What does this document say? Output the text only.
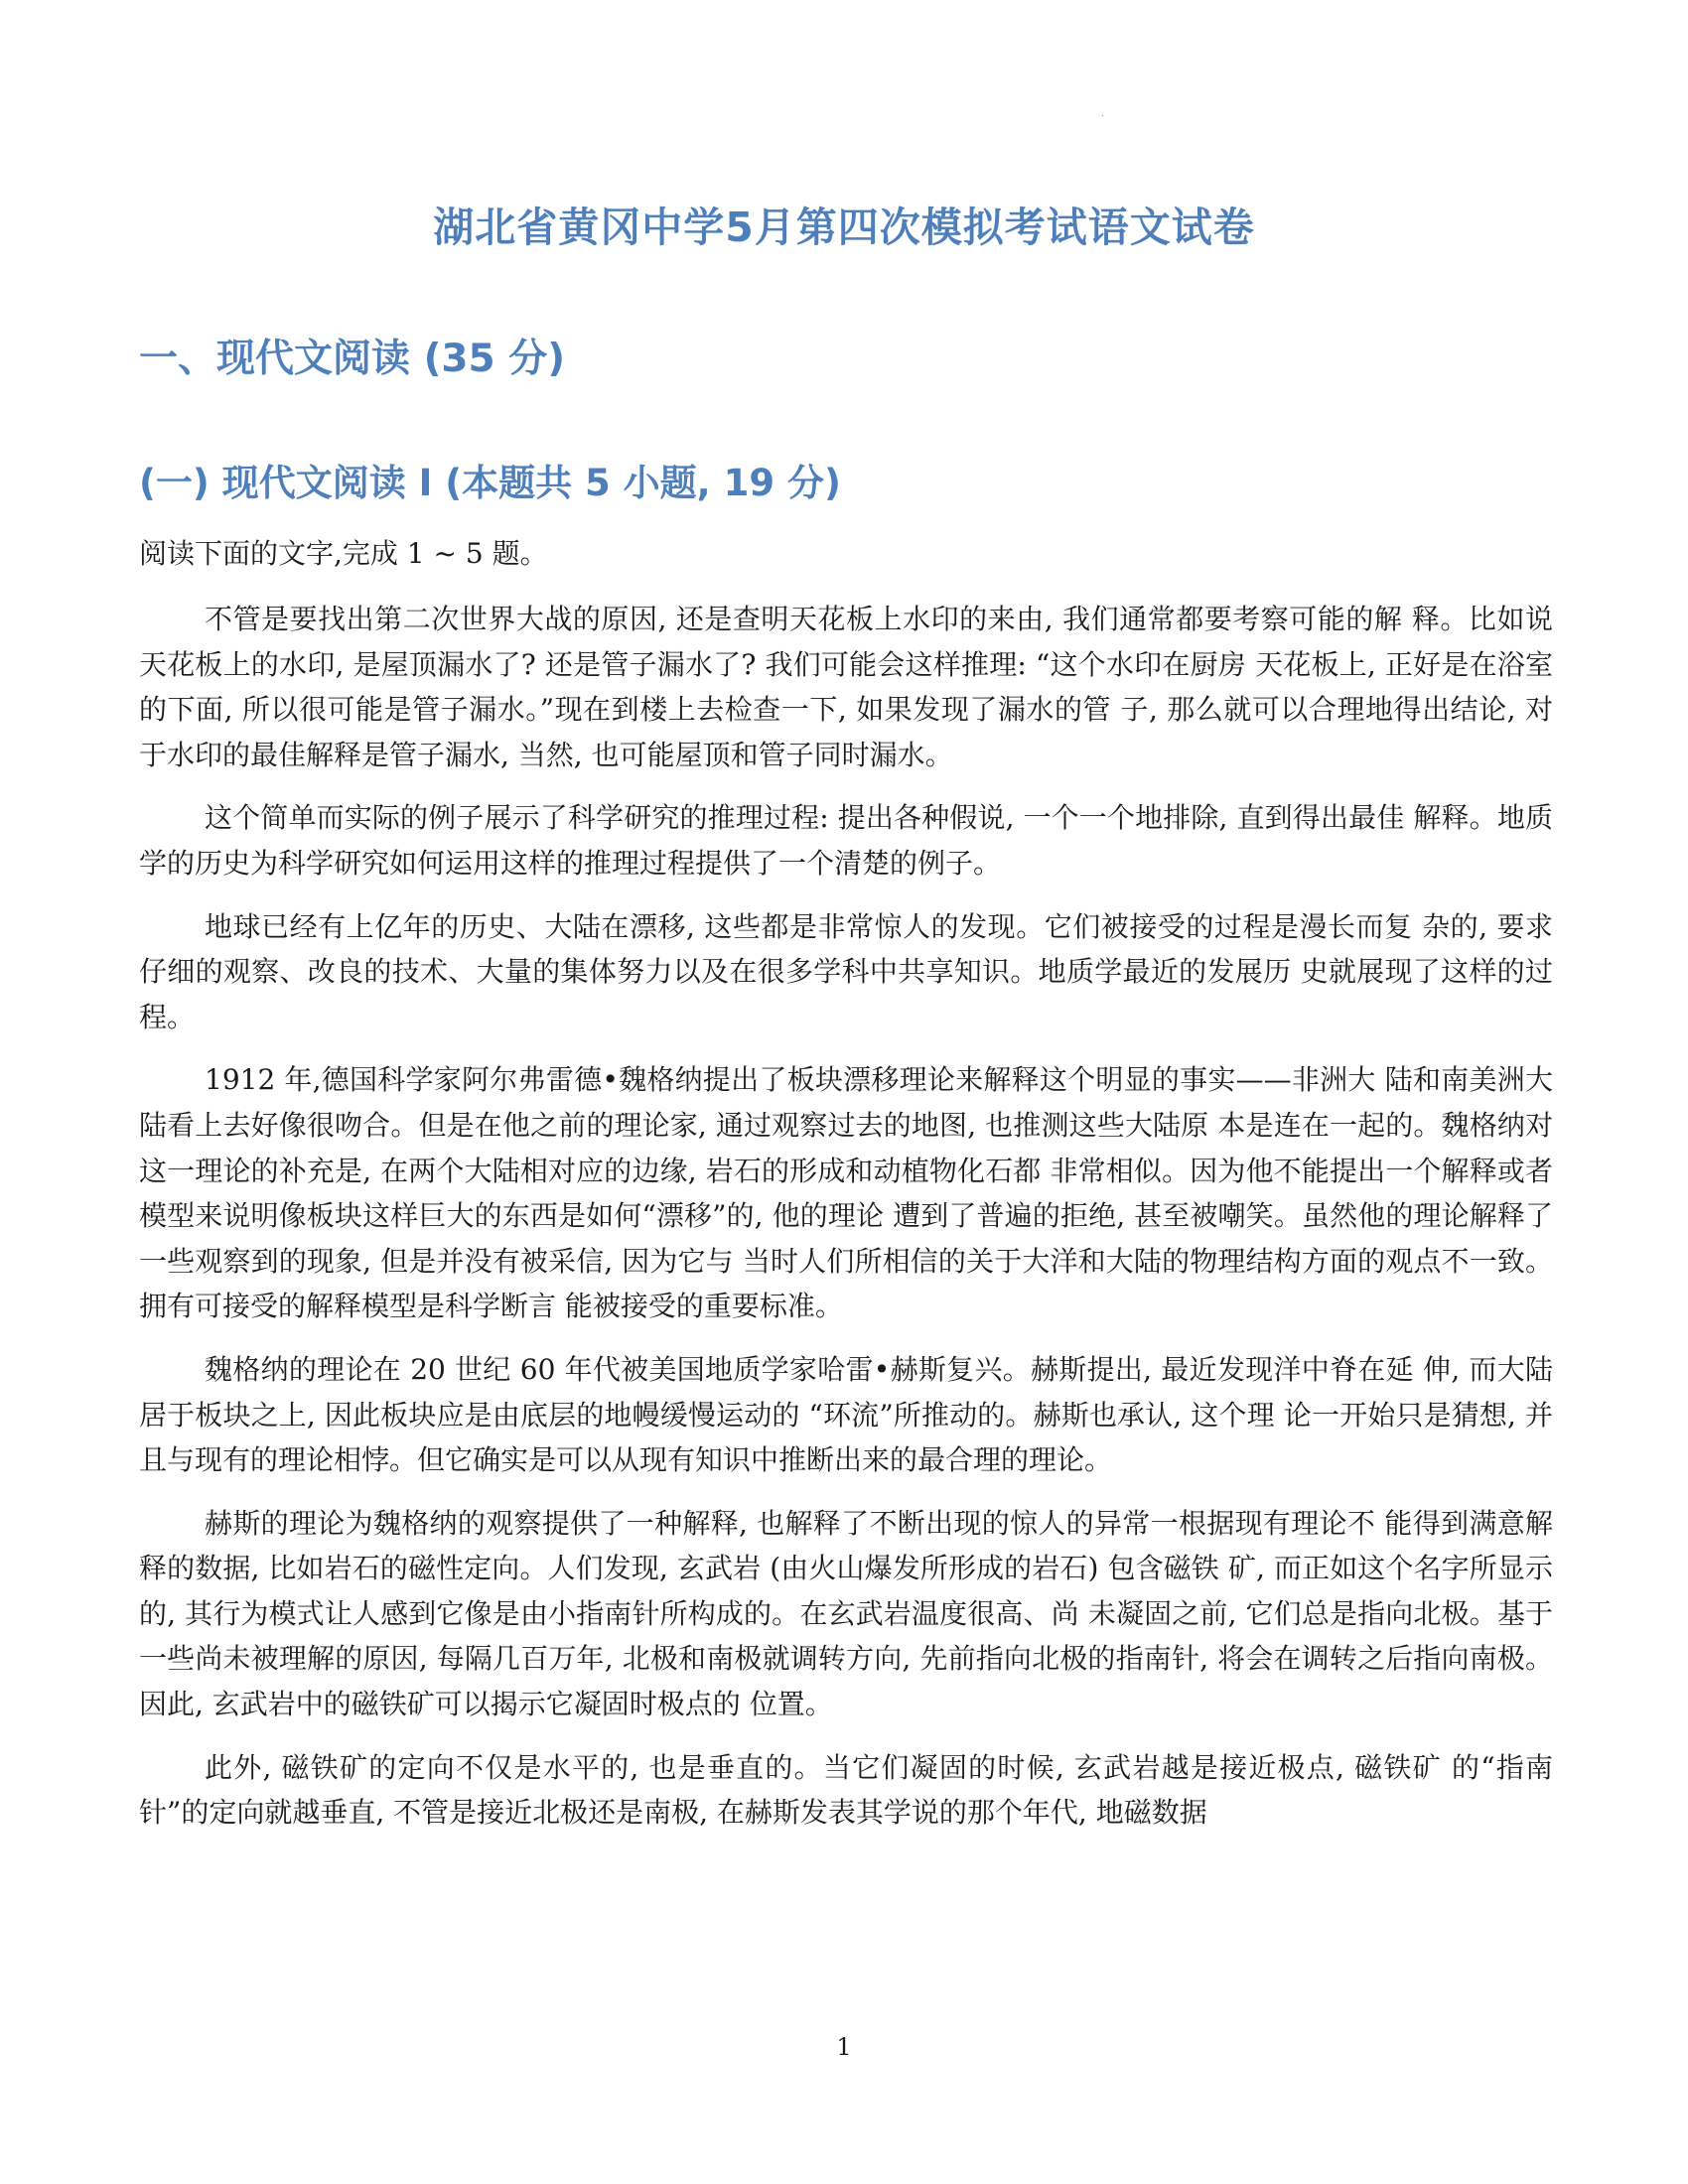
·
湖北省黄冈中学5月第四次模拟考试语文试卷
一、现代文阅读 (35 分)
(一) 现代文阅读 I (本题共 5 小题, 19 分)
阅读下面的文字,完成 1 ~ 5 题。

不管是要找出第二次世界大战的原因, 还是查明天花板上水印的来由, 我们通常都要考察可能的解 释。比如说天花板上的水印, 是屋顶漏水了? 还是管子漏水了? 我们可能会这样推理: “这个水印在厨房 天花板上, 正好是在浴室的下面, 所以很可能是管子漏水。”现在到楼上去检查一下, 如果发现了漏水的管 子, 那么就可以合理地得出结论, 对于水印的最佳解释是管子漏水, 当然, 也可能屋顶和管子同时漏水。

这个简单而实际的例子展示了科学研究的推理过程: 提出各种假说, 一个一个地排除, 直到得出最佳 解释。地质学的历史为科学研究如何运用这样的推理过程提供了一个清楚的例子。

地球已经有上亿年的历史、大陆在漂移, 这些都是非常惊人的发现。它们被接受的过程是漫长而复 杂的, 要求仔细的观察、改良的技术、大量的集体努力以及在很多学科中共享知识。地质学最近的发展历 史就展现了这样的过程。

1912 年,德国科学家阿尔弗雷德•魏格纳提出了板块漂移理论来解释这个明显的事实——非洲大 陆和南美洲大陆看上去好像很吻合。但是在他之前的理论家, 通过观察过去的地图, 也推测这些大陆原 本是连在一起的。魏格纳对这一理论的补充是, 在两个大陆相对应的边缘, 岩石的形成和动植物化石都 非常相似。因为他不能提出一个解释或者模型来说明像板块这样巨大的东西是如何“漂移”的, 他的理论 遭到了普遍的拒绝, 甚至被嘲笑。虽然他的理论解释了一些观察到的现象, 但是并没有被采信, 因为它与 当时人们所相信的关于大洋和大陆的物理结构方面的观点不一致。拥有可接受的解释模型是科学断言 能被接受的重要标准。

魏格纳的理论在 20 世纪 60 年代被美国地质学家哈雷•赫斯复兴。赫斯提出, 最近发现洋中脊在延 伸, 而大陆居于板块之上, 因此板块应是由底层的地幔缓慢运动的 “环流”所推动的。赫斯也承认, 这个理 论一开始只是猜想, 并且与现有的理论相悖。但它确实是可以从现有知识中推断出来的最合理的理论。

赫斯的理论为魏格纳的观察提供了一种解释, 也解释了不断出现的惊人的异常一根据现有理论不 能得到满意解释的数据, 比如岩石的磁性定向。人们发现, 玄武岩 (由火山爆发所形成的岩石) 包含磁铁 矿, 而正如这个名字所显示的, 其行为模式让人感到它像是由小指南针所构成的。在玄武岩温度很高、尚 未凝固之前, 它们总是指向北极。基于一些尚未被理解的原因, 每隔几百万年, 北极和南极就调转方向, 先前指向北极的指南针, 将会在调转之后指向南极。因此, 玄武岩中的磁铁矿可以揭示它凝固时极点的 位置。

此外, 磁铁矿的定向不仅是水平的, 也是垂直的。当它们凝固的时候, 玄武岩越是接近极点, 磁铁矿 的“指南针”的定向就越垂直, 不管是接近北极还是南极, 在赫斯发表其学说的那个年代, 地磁数据

1
